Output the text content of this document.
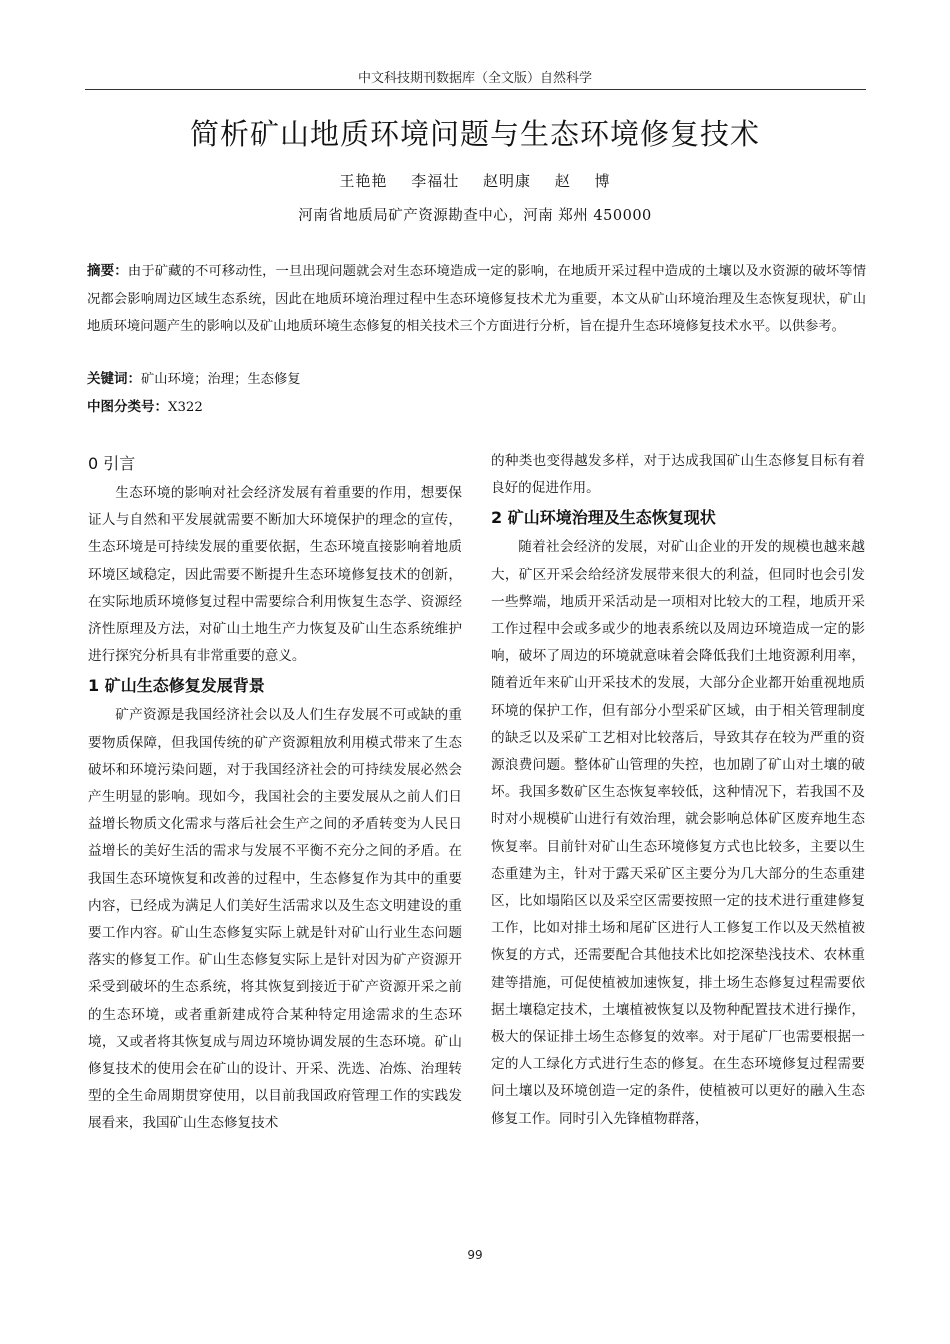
中文科技期刊数据库（全文版）自然科学
简析矿山地质环境问题与生态环境修复技术
王艳艳 李福壮 赵明康 赵 博
河南省地质局矿产资源勘查中心，河南 郑州 450000
摘要：由于矿藏的不可移动性，一旦出现问题就会对生态环境造成一定的影响，在地质开采过程中造成的土壤以及水资源的破坏等情况都会影响周边区域生态系统，因此在地质环境治理过程中生态环境修复技术尤为重要，本文从矿山环境治理及生态恢复现状，矿山地质环境问题产生的影响以及矿山地质环境生态修复的相关技术三个方面进行分析，旨在提升生态环境修复技术水平。以供参考。
关键词：矿山环境；治理；生态修复
中图分类号：X322
0 引言

生态环境的影响对社会经济发展有着重要的作用，想要保证人与自然和平发展就需要不断加大环境保护的理念的宣传，生态环境是可持续发展的重要依据，生态环境直接影响着地质环境区域稳定，因此需要不断提升生态环境修复技术的创新，在实际地质环境修复过程中需要综合利用恢复生态学、资源经济性原理及方法，对矿山土地生产力恢复及矿山生态系统维护进行探究分析具有非常重要的意义。

1 矿山生态修复发展背景

矿产资源是我国经济社会以及人们生存发展不可或缺的重要物质保障，但我国传统的矿产资源粗放利用模式带来了生态破坏和环境污染问题，对于我国经济社会的可持续发展必然会产生明显的影响。现如今，我国社会的主要发展从之前人们日益增长物质文化需求与落后社会生产之间的矛盾转变为人民日益增长的美好生活的需求与发展不平衡不充分之间的矛盾。在我国生态环境恢复和改善的过程中，生态修复作为其中的重要内容，已经成为满足人们美好生活需求以及生态文明建设的重要工作内容。矿山生态修复实际上就是针对矿山行业生态问题落实的修复工作。矿山生态修复实际上是针对因为矿产资源开采受到破坏的生态系统，将其恢复到接近于矿产资源开采之前的生态环境，或者重新建成符合某种特定用途需求的生态环境，又或者将其恢复成与周边环境协调发展的生态环境。矿山修复技术的使用会在矿山的设计、开采、洗选、冶炼、治理转型的全生命周期贯穿使用，以目前我国政府管理工作的实践发展看来，我国矿山生态修复技术

的种类也变得越发多样，对于达成我国矿山生态修复目标有着良好的促进作用。

2 矿山环境治理及生态恢复现状

随着社会经济的发展，对矿山企业的开发的规模也越来越大，矿区开采会给经济发展带来很大的利益，但同时也会引发一些弊端，地质开采活动是一项相对比较大的工程，地质开采工作过程中会或多或少的地表系统以及周边环境造成一定的影响，破坏了周边的环境就意味着会降低我们土地资源利用率，随着近年来矿山开采技术的发展，大部分企业都开始重视地质环境的保护工作，但有部分小型采矿区域，由于相关管理制度的缺乏以及采矿工艺相对比较落后，导致其存在较为严重的资源浪费问题。整体矿山管理的失控，也加剧了矿山对土壤的破坏。我国多数矿区生态恢复率较低，这种情况下，若我国不及时对小规模矿山进行有效治理，就会影响总体矿区废弃地生态恢复率。目前针对矿山生态环境修复方式也比较多，主要以生态重建为主，针对于露天采矿区主要分为几大部分的生态重建区，比如塌陷区以及采空区需要按照一定的技术进行重建修复工作，比如对排土场和尾矿区进行人工修复工作以及天然植被恢复的方式，还需要配合其他技术比如挖深垫浅技术、农林重建等措施，可促使植被加速恢复，排土场生态修复过程需要依据土壤稳定技术，土壤植被恢复以及物种配置技术进行操作，极大的保证排土场生态修复的效率。对于尾矿厂也需要根据一定的人工绿化方式进行生态的修复。在生态环境修复过程需要问土壤以及环境创造一定的条件，使植被可以更好的融入生态修复工作。同时引入先锋植物群落，

99
